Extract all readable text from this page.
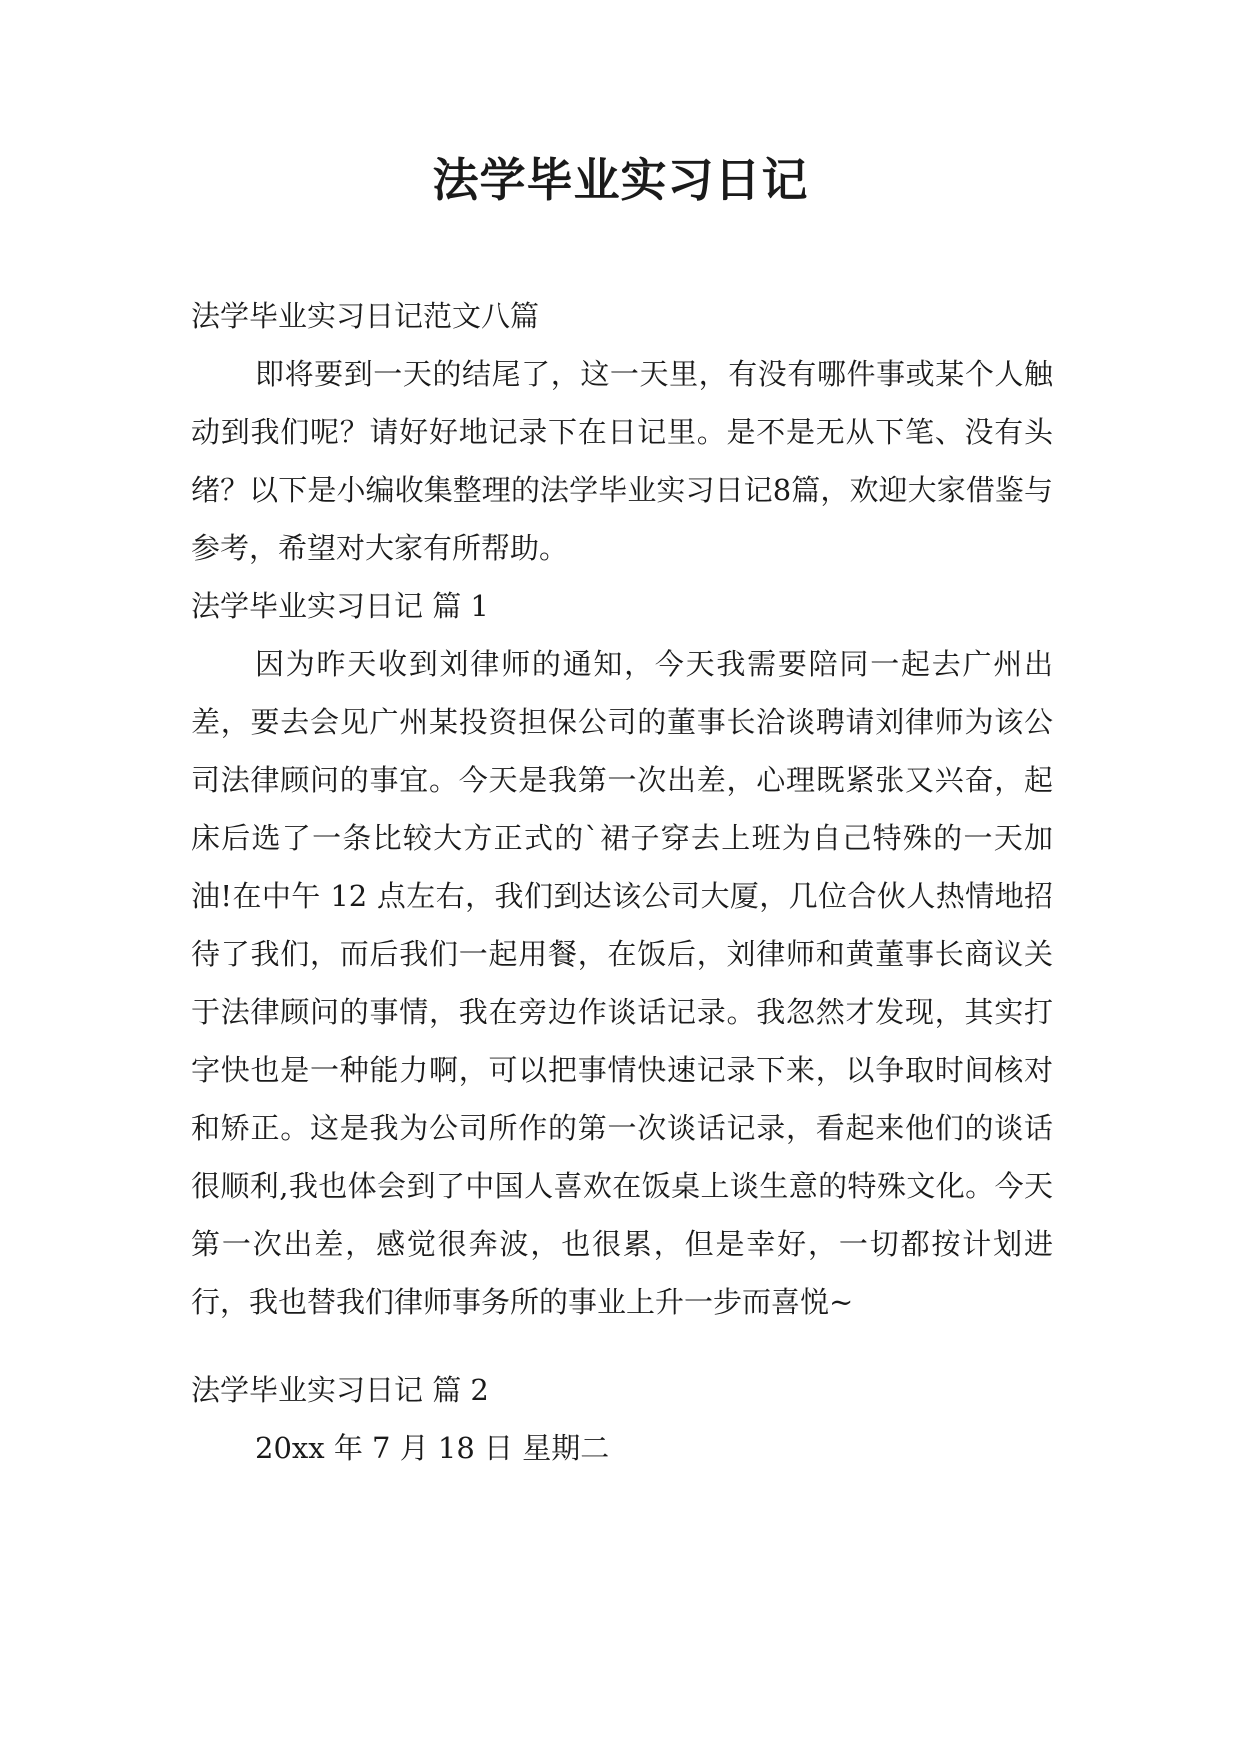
法学毕业实习日记

法学毕业实习日记范文八篇

即将要到一天的结尾了，这一天里，有没有哪件事或某个人触动到我们呢？请好好地记录下在日记里。是不是无从下笔、没有头绪？以下是小编收集整理的法学毕业实习日记8篇，欢迎大家借鉴与参考，希望对大家有所帮助。

法学毕业实习日记 篇 1

因为昨天收到刘律师的通知，今天我需要陪同一起去广州出差，要去会见广州某投资担保公司的董事长洽谈聘请刘律师为该公司法律顾问的事宜。今天是我第一次出差，心理既紧张又兴奋，起床后选了一条比较大方正式的`裙子穿去上班为自己特殊的一天加油!在中午 12 点左右，我们到达该公司大厦，几位合伙人热情地招待了我们，而后我们一起用餐，在饭后，刘律师和黄董事长商议关于法律顾问的事情，我在旁边作谈话记录。我忽然才发现，其实打字快也是一种能力啊，可以把事情快速记录下来，以争取时间核对和矫正。这是我为公司所作的第一次谈话记录，看起来他们的谈话很顺利,我也体会到了中国人喜欢在饭桌上谈生意的特殊文化。今天第一次出差，感觉很奔波，也很累，但是幸好，一切都按计划进行，我也替我们律师事务所的事业上升一步而喜悦~

法学毕业实习日记 篇 2

20xx 年 7 月 18 日 星期二
